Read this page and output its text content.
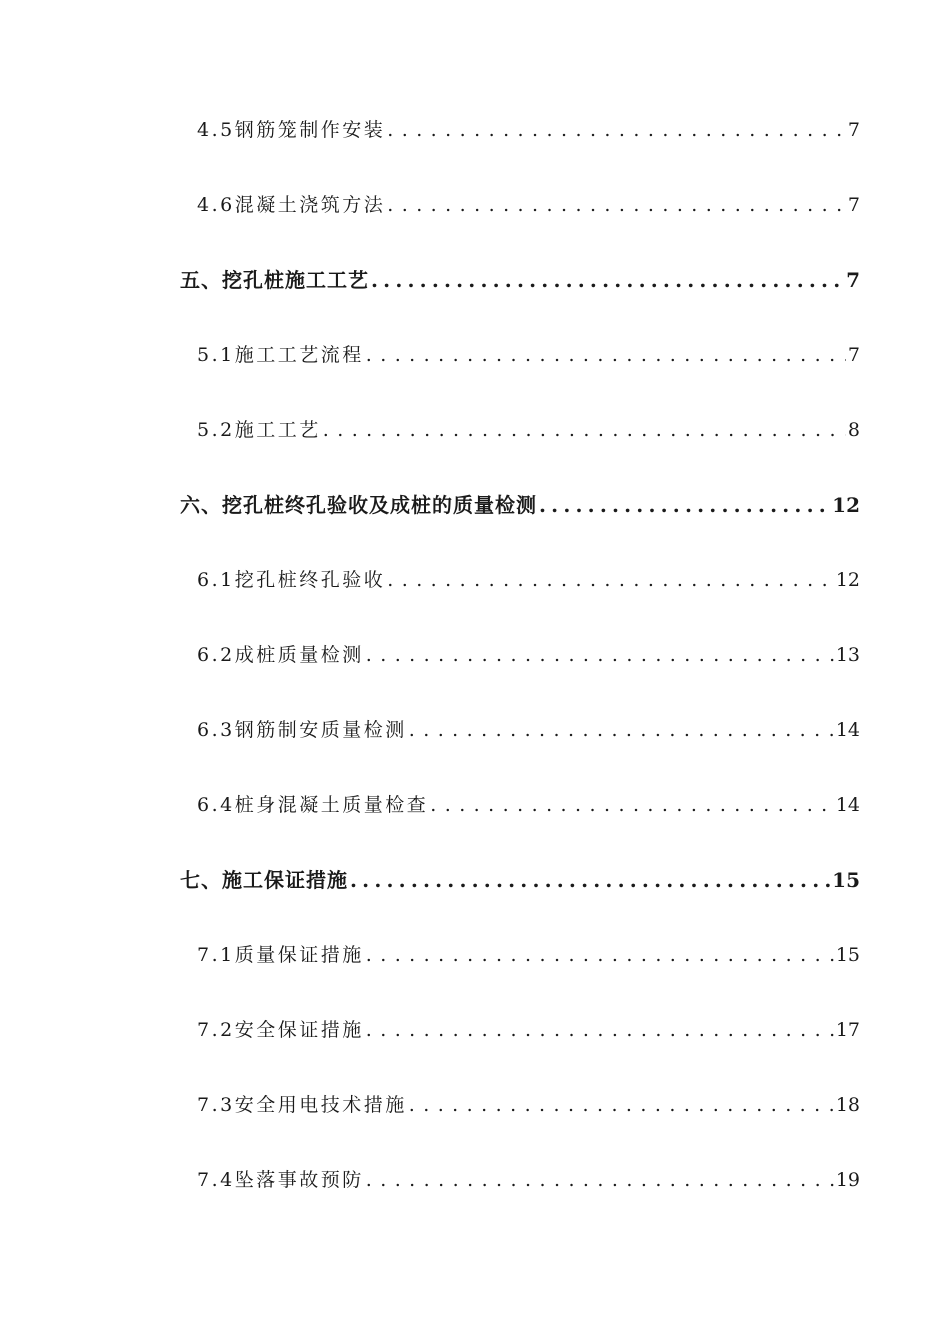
4.5 钢筋笼制作安装 . . .	7
4.6 混凝土浇筑方法 . . .	7
五、 挖孔桩施工工艺 .....	7
5.1 施工工艺流程 . . .	7
5.2 施工工艺 . . .	8
六、 挖孔桩终孔验收及成桩的质量检测 .....	12
6.1 挖孔桩终孔验收 . . .	12
6.2 成桩质量检测 . . .	13
6.3 钢筋制安质量检测 . . .	14
6.4 桩身混凝土质量检查 . . .	14
七、 施工保证措施 .....	15
7.1 质量保证措施 . . .	15
7.2 安全保证措施 . . .	17
7.3 安全用电技术措施 . . .	18
7.4 坠落事故预防 . . .	19
